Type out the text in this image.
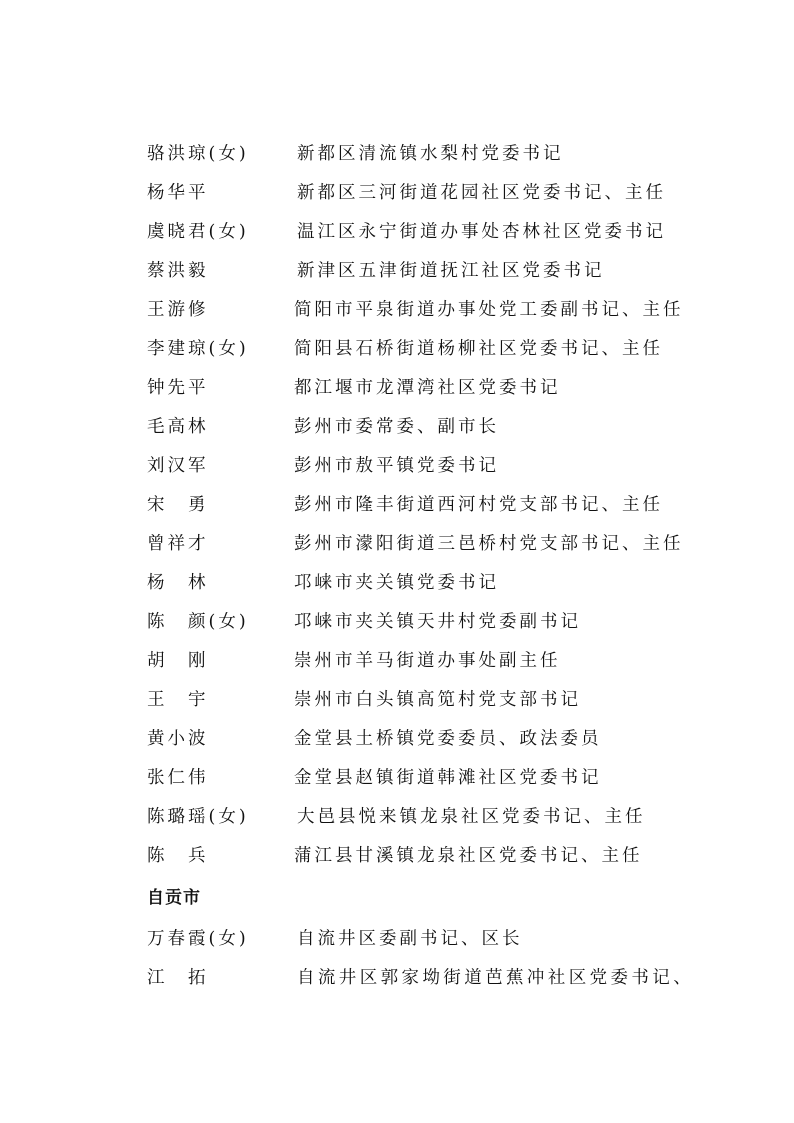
骆洪琼(女)	新都区清流镇水梨村党委书记
杨华平	新都区三河街道花园社区党委书记、主任
虞晓君(女)	温江区永宁街道办事处杏林社区党委书记
蔡洪毅	新津区五津街道抚江社区党委书记
王游修	简阳市平泉街道办事处党工委副书记、主任
李建琼(女)	简阳县石桥街道杨柳社区党委书记、主任
钟先平	都江堰市龙潭湾社区党委书记
毛高林	彭州市委常委、副市长
刘汉军	彭州市敖平镇党委书记
宋　勇	彭州市隆丰街道西河村党支部书记、主任
曾祥才	彭州市濛阳街道三邑桥村党支部书记、主任
杨　林	邛崃市夹关镇党委书记
陈　颜(女)	邛崃市夹关镇天井村党委副书记
胡　刚	崇州市羊马街道办事处副主任
王　宇	崇州市白头镇高笕村党支部书记
黄小波	金堂县土桥镇党委委员、政法委员
张仁伟	金堂县赵镇街道韩滩社区党委书记
陈璐瑶(女)	大邑县悦来镇龙泉社区党委书记、主任
陈　兵	蒲江县甘溪镇龙泉社区党委书记、主任
自贡市
万春霞(女)	自流井区委副书记、区长
江　拓	自流井区郭家坳街道芭蕉冲社区党委书记、
